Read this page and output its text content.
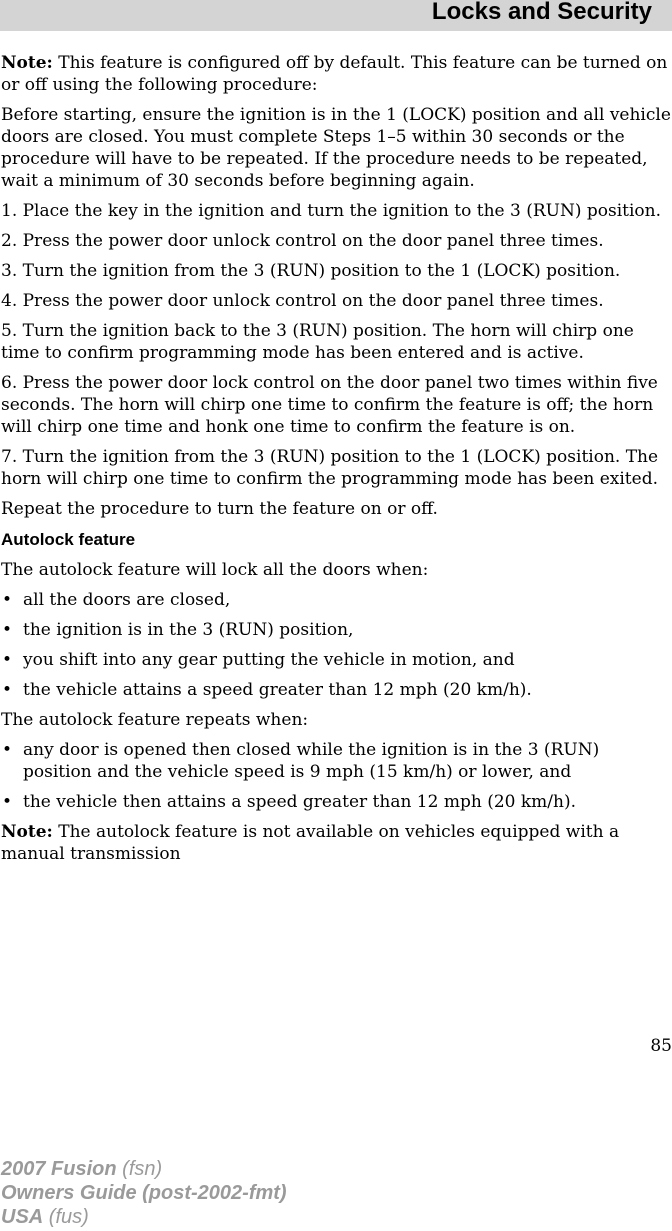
Locks and Security

Note: This feature is configured off by default. This feature can be turned on or off using the following procedure:

Before starting, ensure the ignition is in the 1 (LOCK) position and all vehicle doors are closed. You must complete Steps 1–5 within 30 seconds or the procedure will have to be repeated. If the procedure needs to be repeated, wait a minimum of 30 seconds before beginning again.

1. Place the key in the ignition and turn the ignition to the 3 (RUN) position.
2. Press the power door unlock control on the door panel three times.
3. Turn the ignition from the 3 (RUN) position to the 1 (LOCK) position.
4. Press the power door unlock control on the door panel three times.
5. Turn the ignition back to the 3 (RUN) position. The horn will chirp one time to confirm programming mode has been entered and is active.
6. Press the power door lock control on the door panel two times within five seconds. The horn will chirp one time to confirm the feature is off; the horn will chirp one time and honk one time to confirm the feature is on.
7. Turn the ignition from the 3 (RUN) position to the 1 (LOCK) position. The horn will chirp one time to confirm the programming mode has been exited.

Repeat the procedure to turn the feature on or off.

Autolock feature

The autolock feature will lock all the doors when:

• all the doors are closed,
• the ignition is in the 3 (RUN) position,
• you shift into any gear putting the vehicle in motion, and
• the vehicle attains a speed greater than 12 mph (20 km/h).

The autolock feature repeats when:

• any door is opened then closed while the ignition is in the 3 (RUN) position and the vehicle speed is 9 mph (15 km/h) or lower, and
• the vehicle then attains a speed greater than 12 mph (20 km/h).

Note: The autolock feature is not available on vehicles equipped with a manual transmission

85
2007 Fusion (fsn)
Owners Guide (post-2002-fmt)
USA (fus)
